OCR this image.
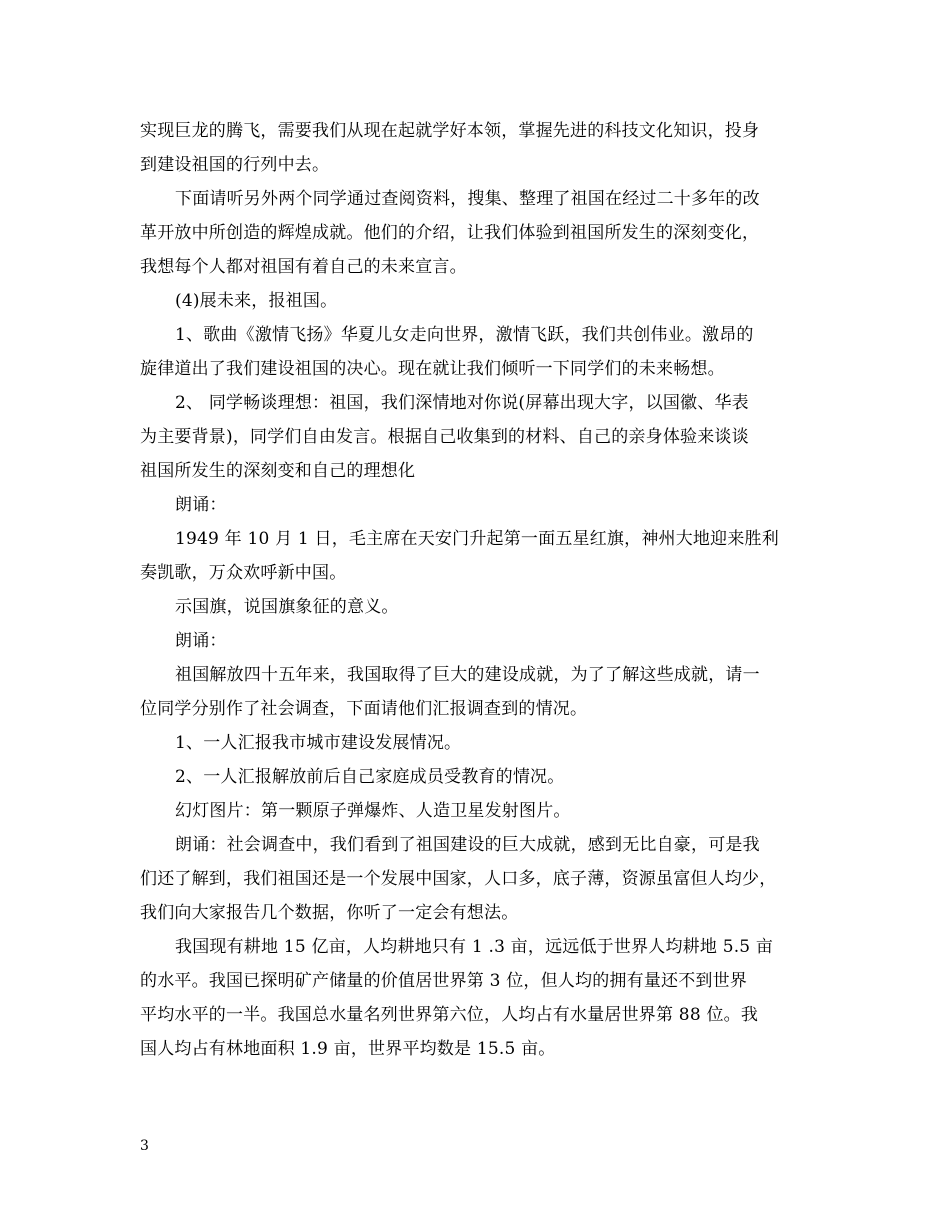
实现巨龙的腾飞，需要我们从现在起就学好本领，掌握先进的科技文化知识，投身
到建设祖国的行列中去。
下面请听另外两个同学通过查阅资料，搜集、整理了祖国在经过二十多年的改
革开放中所创造的辉煌成就。他们的介绍，让我们体验到祖国所发生的深刻变化，
我想每个人都对祖国有着自己的未来宣言。
(4)展未来，报祖国。
1、歌曲《激情飞扬》华夏儿女走向世界，激情飞跃，我们共创伟业。激昂的
旋律道出了我们建设祖国的决心。现在就让我们倾听一下同学们的未来畅想。
2、 同学畅谈理想：祖国，我们深情地对你说(屏幕出现大字，以国徽、华表
为主要背景)，同学们自由发言。根据自己收集到的材料、自己的亲身体验来谈谈
祖国所发生的深刻变和自己的理想化
朗诵：
1949 年 10 月 1 日，毛主席在天安门升起第一面五星红旗，神州大地迎来胜利
奏凯歌，万众欢呼新中国。
示国旗，说国旗象征的意义。
朗诵：
祖国解放四十五年来，我国取得了巨大的建设成就，为了了解这些成就，请一
位同学分别作了社会调查，下面请他们汇报调查到的情况。
1、一人汇报我市城市建设发展情况。
2、一人汇报解放前后自己家庭成员受教育的情况。
幻灯图片：第一颗原子弹爆炸、人造卫星发射图片。
朗诵：社会调查中，我们看到了祖国建设的巨大成就，感到无比自豪，可是我
们还了解到，我们祖国还是一个发展中国家，人口多，底子薄，资源虽富但人均少，
我们向大家报告几个数据，你听了一定会有想法。
我国现有耕地 15 亿亩，人均耕地只有 1 .3 亩，远远低于世界人均耕地 5.5 亩
的水平。我国已探明矿产储量的价值居世界第 3 位，但人均的拥有量还不到世界
平均水平的一半。我国总水量名列世界第六位，人均占有水量居世界第 88 位。我
国人均占有林地面积 1.9 亩，世界平均数是 15.5 亩。
3
